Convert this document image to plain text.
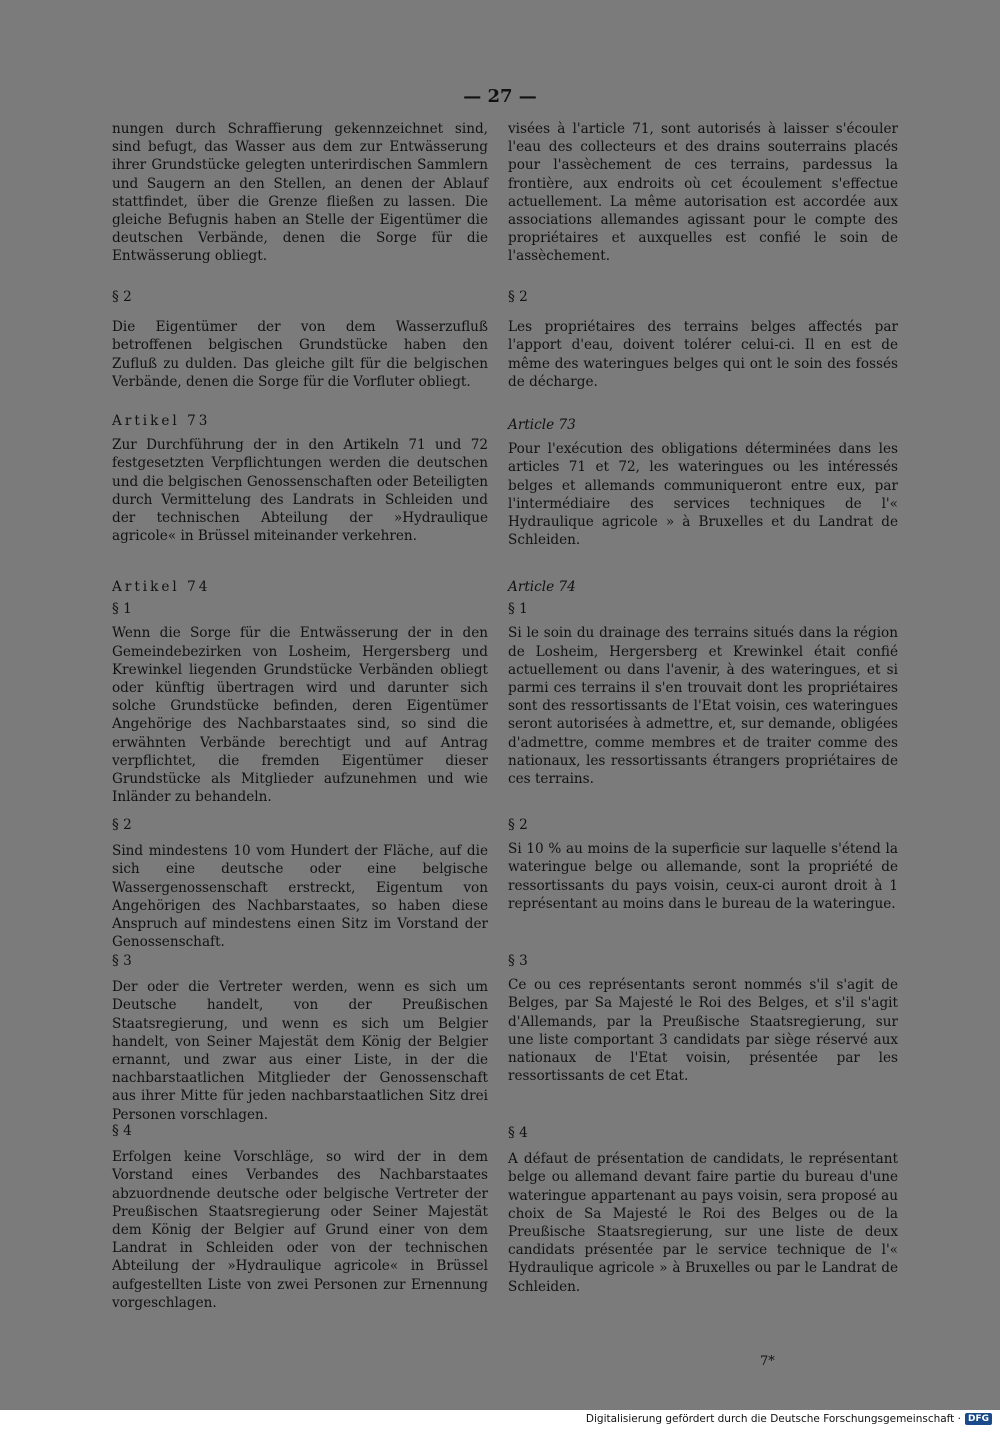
— 27 —

nungen durch Schraffierung gekennzeichnet sind, sind befugt, das Wasser aus dem zur Entwässerung ihrer Grundstücke gelegten unterirdischen Sammlern und Saugern an den Stellen, an denen der Ablauf stattfindet, über die Grenze fließen zu lassen. Die gleiche Befugnis haben an Stelle der Eigentümer die deutschen Verbände, denen die Sorge für die Entwässerung obliegt.

§ 2

Die Eigentümer der von dem Wasserzufluß betroffenen belgischen Grundstücke haben den Zufluß zu dulden. Das gleiche gilt für die belgischen Verbände, denen die Sorge für die Vorfluter obliegt.

Artikel 73

Zur Durchführung der in den Artikeln 71 und 72 festgesetzten Verpflichtungen werden die deutschen und die belgischen Genossenschaften oder Beteiligten durch Vermittelung des Landrats in Schleiden und der technischen Abteilung der »Hydraulique agricole« in Brüssel miteinander verkehren.

Artikel 74

§ 1

Wenn die Sorge für die Entwässerung der in den Gemeindebezirken von Losheim, Hergersberg und Krewinkel liegenden Grundstücke Verbänden obliegt oder künftig übertragen wird und darunter sich solche Grundstücke befinden, deren Eigentümer Angehörige des Nachbarstaates sind, so sind die erwähnten Verbände berechtigt und auf Antrag verpflichtet, die fremden Eigentümer dieser Grundstücke als Mitglieder aufzunehmen und wie Inländer zu behandeln.

§ 2

Sind mindestens 10 vom Hundert der Fläche, auf die sich eine deutsche oder eine belgische Wassergenossenschaft erstreckt, Eigentum von Angehörigen des Nachbarstaates, so haben diese Anspruch auf mindestens einen Sitz im Vorstand der Genossenschaft.

§ 3

Der oder die Vertreter werden, wenn es sich um Deutsche handelt, von der Preußischen Staatsregierung, und wenn es sich um Belgier handelt, von Seiner Majestät dem König der Belgier ernannt, und zwar aus einer Liste, in der die nachbarstaatlichen Mitglieder der Genossenschaft aus ihrer Mitte für jeden nachbarstaatlichen Sitz drei Personen vorschlagen.

§ 4

Erfolgen keine Vorschläge, so wird der in dem Vorstand eines Verbandes des Nachbarstaates abzuordnende deutsche oder belgische Vertreter der Preußischen Staatsregierung oder Seiner Majestät dem König der Belgier auf Grund einer von dem Landrat in Schleiden oder von der technischen Abteilung der »Hydraulique agricole« in Brüssel aufgestellten Liste von zwei Personen zur Ernennung vorgeschlagen.

visées à l'article 71, sont autorisés à laisser s'écouler l'eau des collecteurs et des drains souterrains placés pour l'assèchement de ces terrains, pardessus la frontière, aux endroits où cet écoulement s'effectue actuellement. La même autorisation est accordée aux associations allemandes agissant pour le compte des propriétaires et auxquelles est confié le soin de l'assèchement.

§ 2

Les propriétaires des terrains belges affectés par l'apport d'eau, doivent tolérer celui-ci. Il en est de même des wateringues belges qui ont le soin des fossés de décharge.

Article 73

Pour l'exécution des obligations déterminées dans les articles 71 et 72, les wateringues ou les intéressés belges et allemands communiqueront entre eux, par l'intermédiaire des services techniques de l'« Hydraulique agricole » à Bruxelles et du Landrat de Schleiden.

Article 74

§ 1

Si le soin du drainage des terrains situés dans la région de Losheim, Hergersberg et Krewinkel était confié actuellement ou dans l'avenir, à des wateringues, et si parmi ces terrains il s'en trouvait dont les propriétaires sont des ressortissants de l'Etat voisin, ces wateringues seront autorisées à admettre, et, sur demande, obligées d'admettre, comme membres et de traiter comme des nationaux, les ressortissants étrangers propriétaires de ces terrains.

§ 2

Si 10 % au moins de la superficie sur laquelle s'étend la wateringue belge ou allemande, sont la propriété de ressortissants du pays voisin, ceux-ci auront droit à 1 représentant au moins dans le bureau de la wateringue.

§ 3

Ce ou ces représentants seront nommés s'il s'agit de Belges, par Sa Majesté le Roi des Belges, et s'il s'agit d'Allemands, par la Preußische Staatsregierung, sur une liste comportant 3 candidats par siège réservé aux nationaux de l'Etat voisin, présentée par les ressortissants de cet Etat.

§ 4

A défaut de présentation de candidats, le représentant belge ou allemand devant faire partie du bureau d'une wateringue appartenant au pays voisin, sera proposé au choix de Sa Majesté le Roi des Belges ou de la Preußische Staatsregierung, sur une liste de deux candidats présentée par le service technique de l'« Hydraulique agricole » à Bruxelles ou par le Landrat de Schleiden.

7*
Digitalisierung gefördert durch die Deutsche Forschungsgemeinschaft · DFG
